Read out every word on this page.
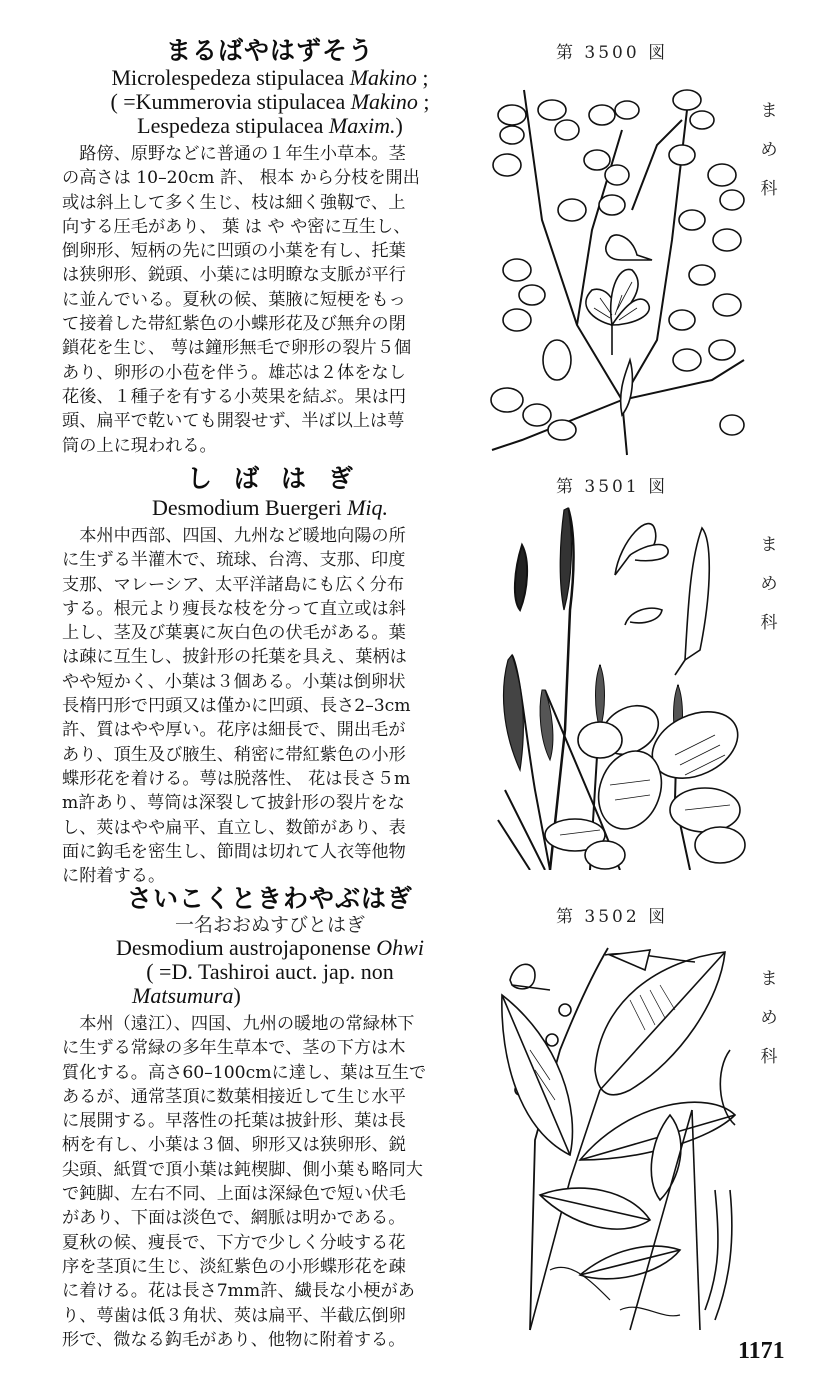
まるばやはずそう
Microlespedeza stipulacea Makino ;
( =Kummerovia stipulacea Makino ;
Lespedeza stipulacea Maxim.)
　路傍、原野などに普通の１年生小草本。茎
の高さは 10–20cm 許、 根本 から分枝を開出
或は斜上して多く生じ、枝は細く強靱で、上
向する圧毛があり、 葉 は や や密に互生し、
倒卵形、短柄の先に凹頭の小葉を有し、托葉
は狭卵形、鋭頭、小葉には明瞭な支脈が平行
に並んでいる。夏秋の候、葉腋に短梗をもっ
て接着した帯紅紫色の小蝶形花及び無弁の閉
鎖花を生じ、 萼は鐘形無毛で卵形の裂片５個
あり、卵形の小苞を伴う。雄芯は２体をなし
花後、１種子を有する小莢果を結ぶ。果は円
頭、扁平で乾いても開裂せず、半ば以上は萼
筒の上に現われる。
第 3500 図
ま
め
科
しばはぎ
Desmodium Buergeri Miq.
　本州中西部、四国、九州など暖地向陽の所
に生ずる半灌木で、琉球、台湾、支那、印度
支那、マレーシア、太平洋諸島にも広く分布
する。根元より痩長な枝を分って直立或は斜
上し、茎及び葉裏に灰白色の伏毛がある。葉
は疎に互生し、披針形の托葉を具え、葉柄は
やや短かく、小葉は３個ある。小葉は倒卵状
長楕円形で円頭又は僅かに凹頭、長さ2–3cm
許、質はやや厚い。花序は細長で、開出毛が
あり、頂生及び腋生、稍密に帯紅紫色の小形
蝶形花を着ける。萼は脱落性、 花は長さ５m
m許あり、萼筒は深裂して披針形の裂片をな
し、莢はやや扁平、直立し、数節があり、表
面に鈎毛を密生し、節間は切れて人衣等他物
に附着する。
第 3501 図
ま
め
科
さいこくときわやぶはぎ
一名おおぬすびとはぎ
Desmodium austrojaponense Ohwi
( =D. Tashiroi auct. jap. non
Matsumura)
　本州（遠江）、四国、九州の暖地の常緑林下
に生ずる常緑の多年生草本で、茎の下方は木
質化する。高さ60–100cmに達し、葉は互生で
あるが、通常茎頂に数葉相接近して生じ水平
に展開する。早落性の托葉は披針形、葉は長
柄を有し、小葉は３個、卵形又は狭卵形、鋭
尖頭、紙質で頂小葉は鈍楔脚、側小葉も略同大
で鈍脚、左右不同、上面は深緑色で短い伏毛
があり、下面は淡色で、網脈は明かである。
夏秋の候、痩長で、下方で少しく分岐する花
序を茎頂に生じ、淡紅紫色の小形蝶形花を疎
に着ける。花は長さ7mm許、繊長な小梗があ
り、萼歯は低３角状、莢は扁平、半截広倒卵
形で、微なる鈎毛があり、他物に附着する。
第 3502 図
ま
め
科
1171
